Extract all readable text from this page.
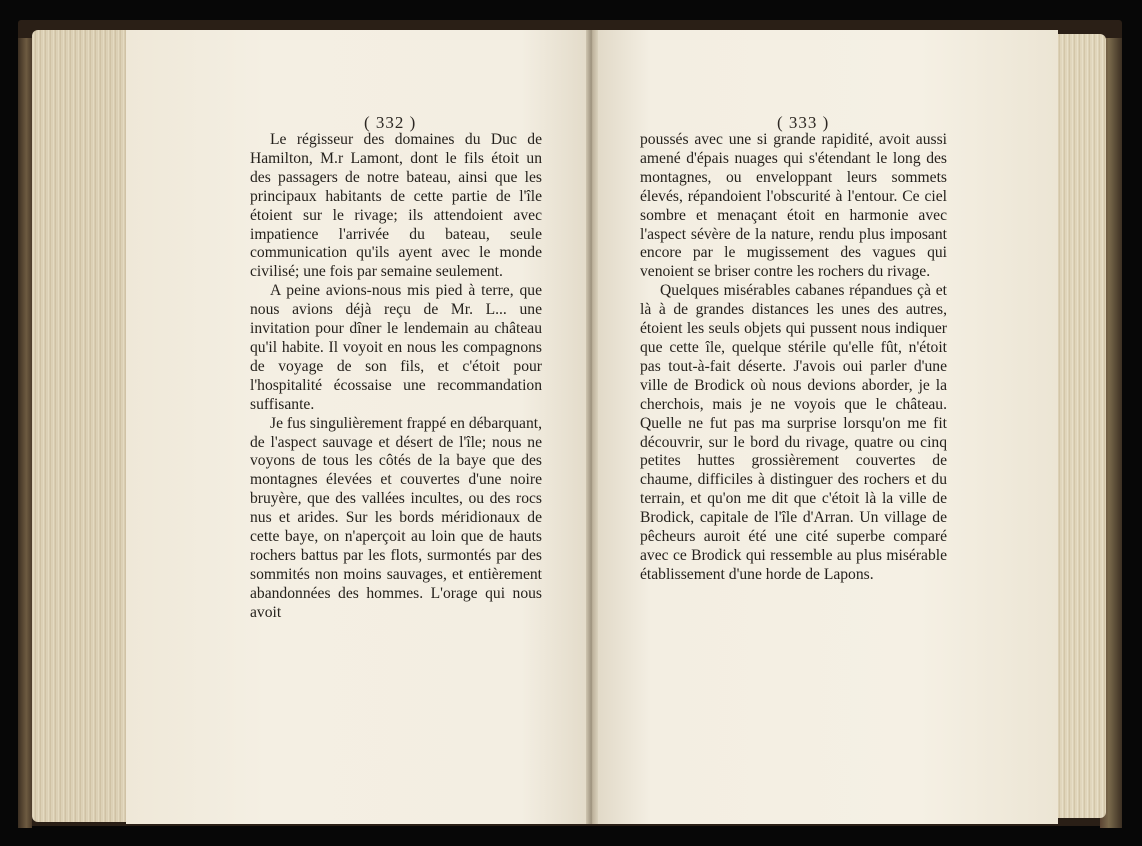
( 332 )	( 333 )

Le régisseur des domaines du Duc de Hamilton, M.r Lamont, dont le fils étoit un des passagers de notre bateau, ainsi que les principaux habitants de cette partie de l'île étoient sur le rivage; ils attendoient avec impatience l'arrivée du bateau, seule communication qu'ils ayent avec le monde civilisé; une fois par semaine seulement.

A peine avions-nous mis pied à terre, que nous avions déjà reçu de Mr. L... une invitation pour dîner le lendemain au château qu'il habite. Il voyoit en nous les compagnons de voyage de son fils, et c'étoit pour l'hospitalité écossaise une recommandation suffisante.

Je fus singulièrement frappé en débarquant, de l'aspect sauvage et désert de l'île; nous ne voyons de tous les côtés de la baye que des montagnes élevées et couvertes d'une noire bruyère, que des vallées incultes, ou des rocs nus et arides. Sur les bords méridionaux de cette baye, on n'aperçoit au loin que de hauts rochers battus par les flots, surmontés par des sommités non moins sauvages, et entièrement abandonnées des hommes. L'orage qui nous avoit

poussés avec une si grande rapidité, avoit aussi amené d'épais nuages qui s'étendant le long des montagnes, ou enveloppant leurs sommets élevés, répandoient l'obscurité à l'entour. Ce ciel sombre et menaçant étoit en harmonie avec l'aspect sévère de la nature, rendu plus imposant encore par le mugissement des vagues qui venoient se briser contre les rochers du rivage.

Quelques misérables cabanes répandues çà et là à de grandes distances les unes des autres, étoient les seuls objets qui pussent nous indiquer que cette île, quelque stérile qu'elle fût, n'étoit pas tout-à-fait déserte. J'avois oui parler d'une ville de Brodick où nous devions aborder, je la cherchois, mais je ne voyois que le château. Quelle ne fut pas ma surprise lorsqu'on me fit découvrir, sur le bord du rivage, quatre ou cinq petites huttes grossièrement couvertes de chaume, difficiles à distinguer des rochers et du terrain, et qu'on me dit que c'étoit là la ville de Brodick, capitale de l'île d'Arran. Un village de pêcheurs auroit été une cité superbe comparé avec ce Brodick qui ressemble au plus misérable établissement d'une horde de Lapons.
